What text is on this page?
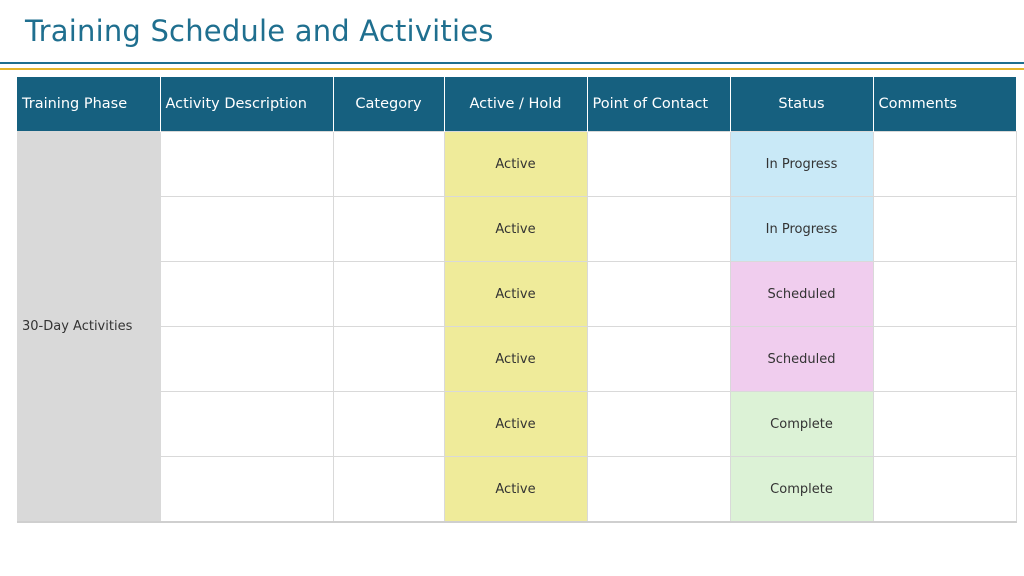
Training Schedule and Activities
Training Phase	Activity Description	Category	Active / Hold	Point of Contact	Status	Comments
30-Day Activities			Active		In Progress	
			Active		In Progress	
			Active		Scheduled	
			Active		Scheduled	
			Active		Complete	
			Active		Complete	
